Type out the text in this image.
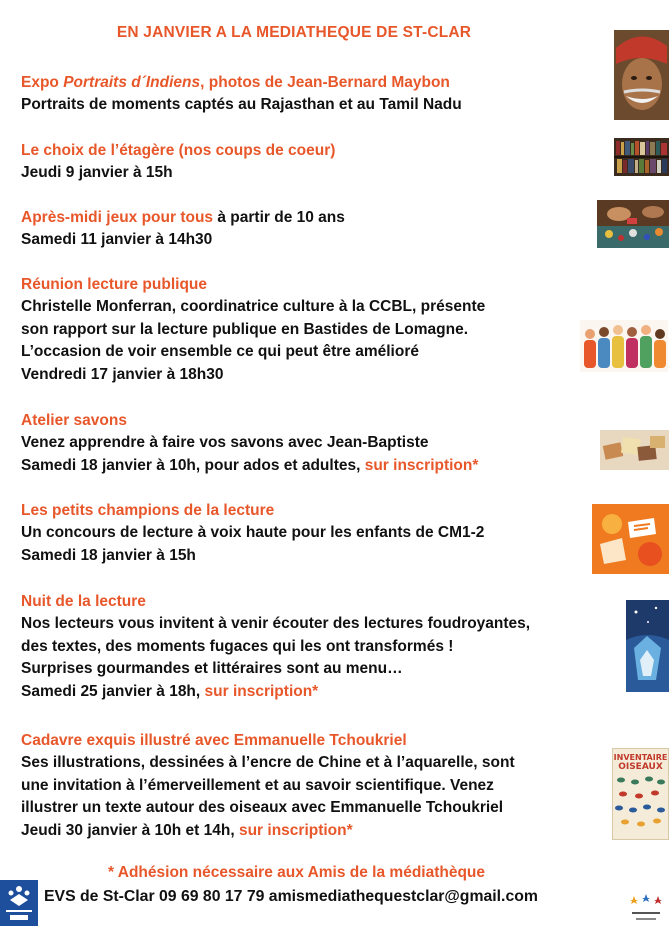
EN JANVIER A LA MEDIATHEQUE DE ST-CLAR
Expo Portraits d´Indiens, photos de Jean-Bernard Maybon
Portraits de moments captés au Rajasthan et au Tamil Nadu
Le choix de l’étagère (nos coups de coeur)
Jeudi 9 janvier à 15h
Après-midi jeux pour tous à partir de 10 ans
Samedi 11 janvier à 14h30
Réunion lecture publique
Christelle Monferran, coordinatrice culture à la CCBL, présente
son rapport sur la lecture publique en Bastides de Lomagne.
L’occasion de voir ensemble ce qui peut être amélioré
Vendredi 17 janvier à 18h30
Atelier savons
Venez apprendre à faire vos savons avec Jean-Baptiste
Samedi 18 janvier à 10h, pour ados et adultes, sur inscription*
Les petits champions de la lecture
Un concours de lecture à voix haute pour les enfants de CM1-2
Samedi 18 janvier à 15h
Nuit de la lecture
Nos lecteurs vous invitent à venir écouter des lectures foudroyantes,
des textes, des moments fugaces qui les ont transformés !
Surprises gourmandes et littéraires sont au menu…
Samedi 25 janvier à 18h, sur inscription*
Cadavre exquis illustré avec Emmanuelle Tchoukriel
Ses illustrations, dessinées à l’encre de Chine et à l’aquarelle, sont
une invitation à l’émerveillement et au savoir scientifique. Venez
illustrer un texte autour des oiseaux avec Emmanuelle Tchoukriel
Jeudi 30 janvier à 10h et 14h, sur inscription*
INVENTAIRE
OISEAUX
* Adhésion nécessaire aux Amis de la médiathèque
EVS de St-Clar 09 69 80 17 79 amismediathequestclar@gmail.com
